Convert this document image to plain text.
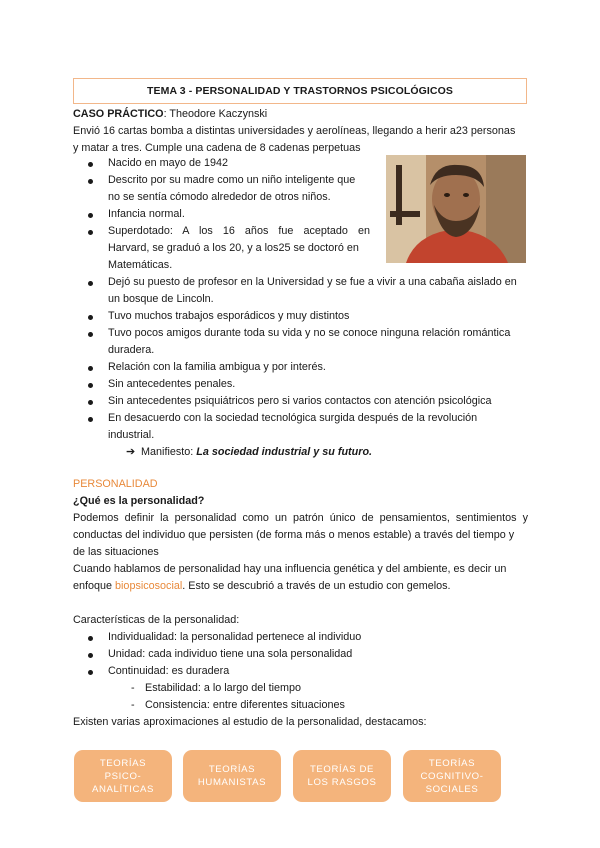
TEMA 3 - PERSONALIDAD Y TRASTORNOS PSICOLÓGICOS
CASO PRÁCTICO: Theodore Kaczynski
Envió 16 cartas bomba a distintas universidades y aerolíneas, llegando a herir a23 personas
y matar a tres. Cumple una cadena de 8 cadenas perpetuas
Nacido en mayo de 1942
Descrito por su madre como un niño inteligente que
no se sentía cómodo alrededor de otros niños.
Infancia normal.
Superdotado: A los 16 años fue aceptado en
Harvard, se graduó a los 20, y a los25 se doctoró en
Matemáticas.
Dejó su puesto de profesor en la Universidad y se fue a vivir a una cabaña aislado en
un bosque de Lincoln.
Tuvo muchos trabajos esporádicos y muy distintos
Tuvo pocos amigos durante toda su vida y no se conoce ninguna relación romántica
duradera.
Relación con la familia ambigua y por interés.
Sin antecedentes penales.
Sin antecedentes psiquiátricos pero si varios contactos con atención psicológica
En desacuerdo con la sociedad tecnológica surgida después de la revolución
industrial.
➔ Manifiesto: La sociedad industrial y su futuro.
PERSONALIDAD
¿Qué es la personalidad?
Podemos definir la personalidad como un patrón único de pensamientos, sentimientos y
conductas del individuo que persisten (de forma más o menos estable) a través del tiempo y
de las situaciones
Cuando hablamos de personalidad hay una influencia genética y del ambiente, es decir un
enfoque biopsicosocial. Esto se descubrió a través de un estudio con gemelos.
Características de la personalidad:
Individualidad: la personalidad pertenece al individuo
Unidad: cada individuo tiene una sola personalidad
Continuidad: es duradera
- Estabilidad: a lo largo del tiempo
- Consistencia: entre diferentes situaciones
Existen varias aproximaciones al estudio de la personalidad, destacamos:
TEORÍAS
PSICO-
ANALÍTICAS
TEORÍAS
HUMANISTAS
TEORÍAS DE
LOS RASGOS
TEORÍAS
COGNITIVO-
SOCIALES
